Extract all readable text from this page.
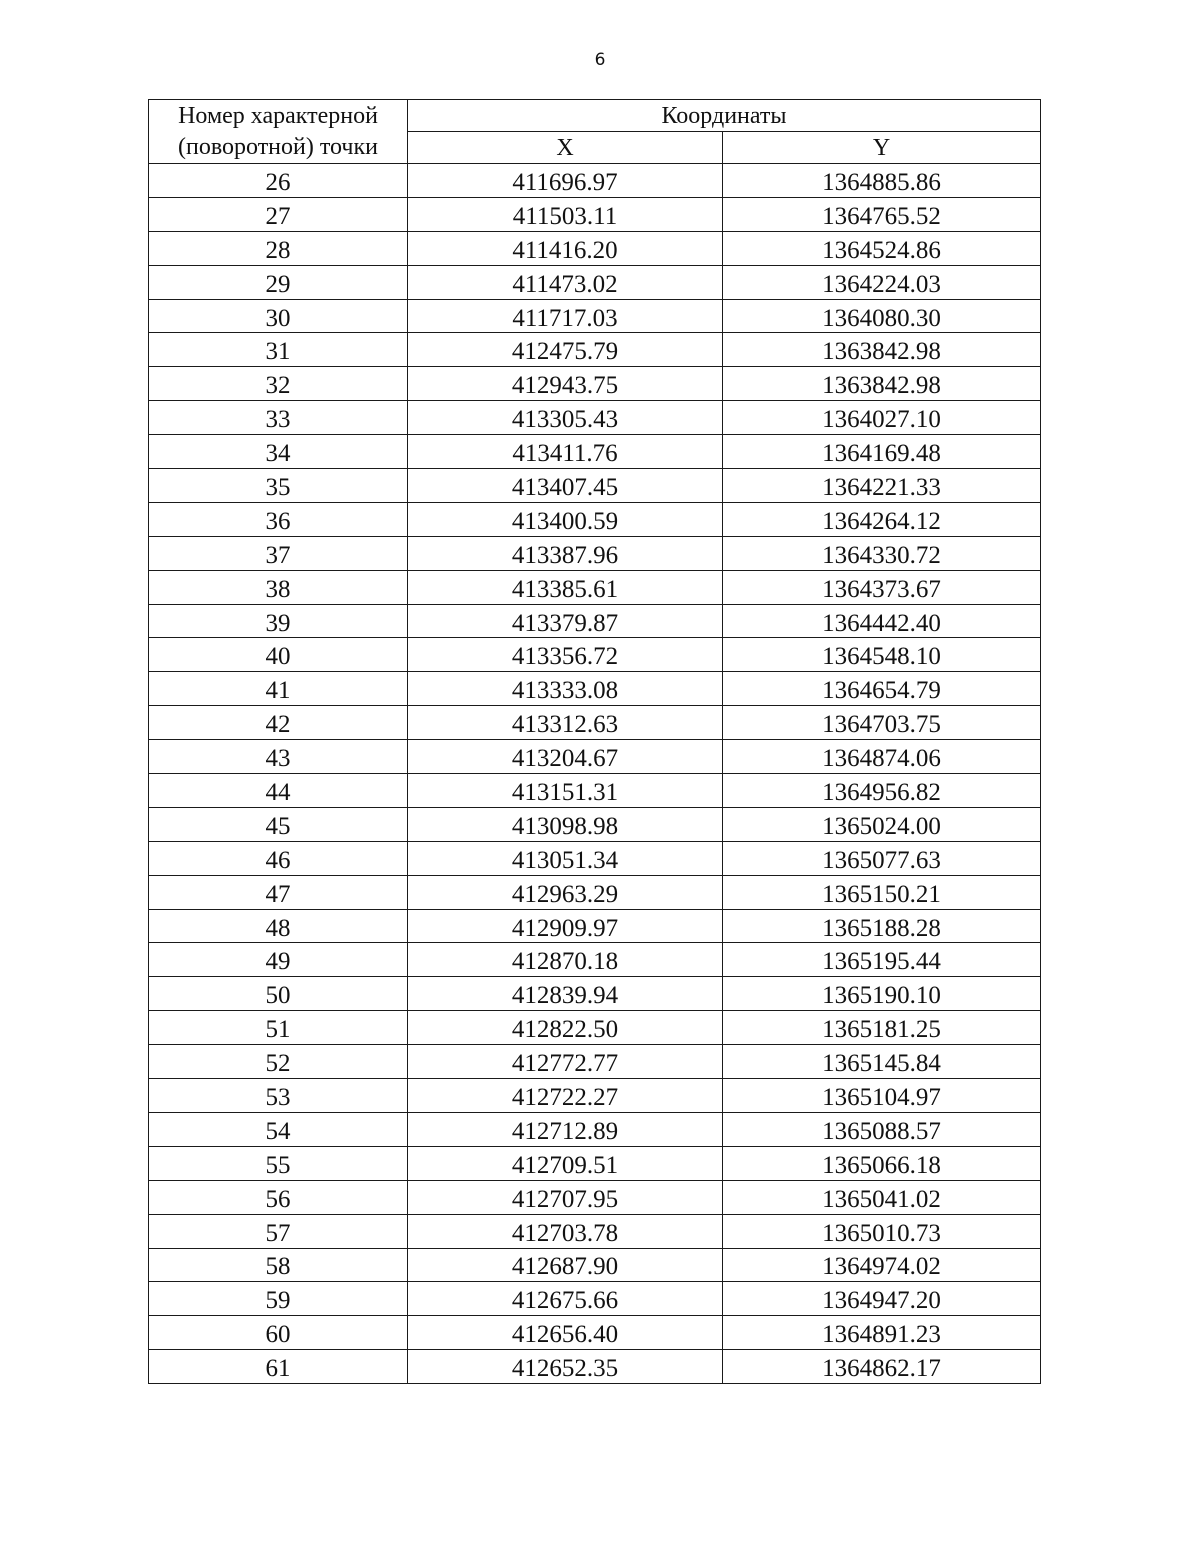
6
Номер характерной (поворотной) точки	Координаты	
	X	Y
26	411696.97	1364885.86
27	411503.11	1364765.52
28	411416.20	1364524.86
29	411473.02	1364224.03
30	411717.03	1364080.30
31	412475.79	1363842.98
32	412943.75	1363842.98
33	413305.43	1364027.10
34	413411.76	1364169.48
35	413407.45	1364221.33
36	413400.59	1364264.12
37	413387.96	1364330.72
38	413385.61	1364373.67
39	413379.87	1364442.40
40	413356.72	1364548.10
41	413333.08	1364654.79
42	413312.63	1364703.75
43	413204.67	1364874.06
44	413151.31	1364956.82
45	413098.98	1365024.00
46	413051.34	1365077.63
47	412963.29	1365150.21
48	412909.97	1365188.28
49	412870.18	1365195.44
50	412839.94	1365190.10
51	412822.50	1365181.25
52	412772.77	1365145.84
53	412722.27	1365104.97
54	412712.89	1365088.57
55	412709.51	1365066.18
56	412707.95	1365041.02
57	412703.78	1365010.73
58	412687.90	1364974.02
59	412675.66	1364947.20
60	412656.40	1364891.23
61	412652.35	1364862.17
